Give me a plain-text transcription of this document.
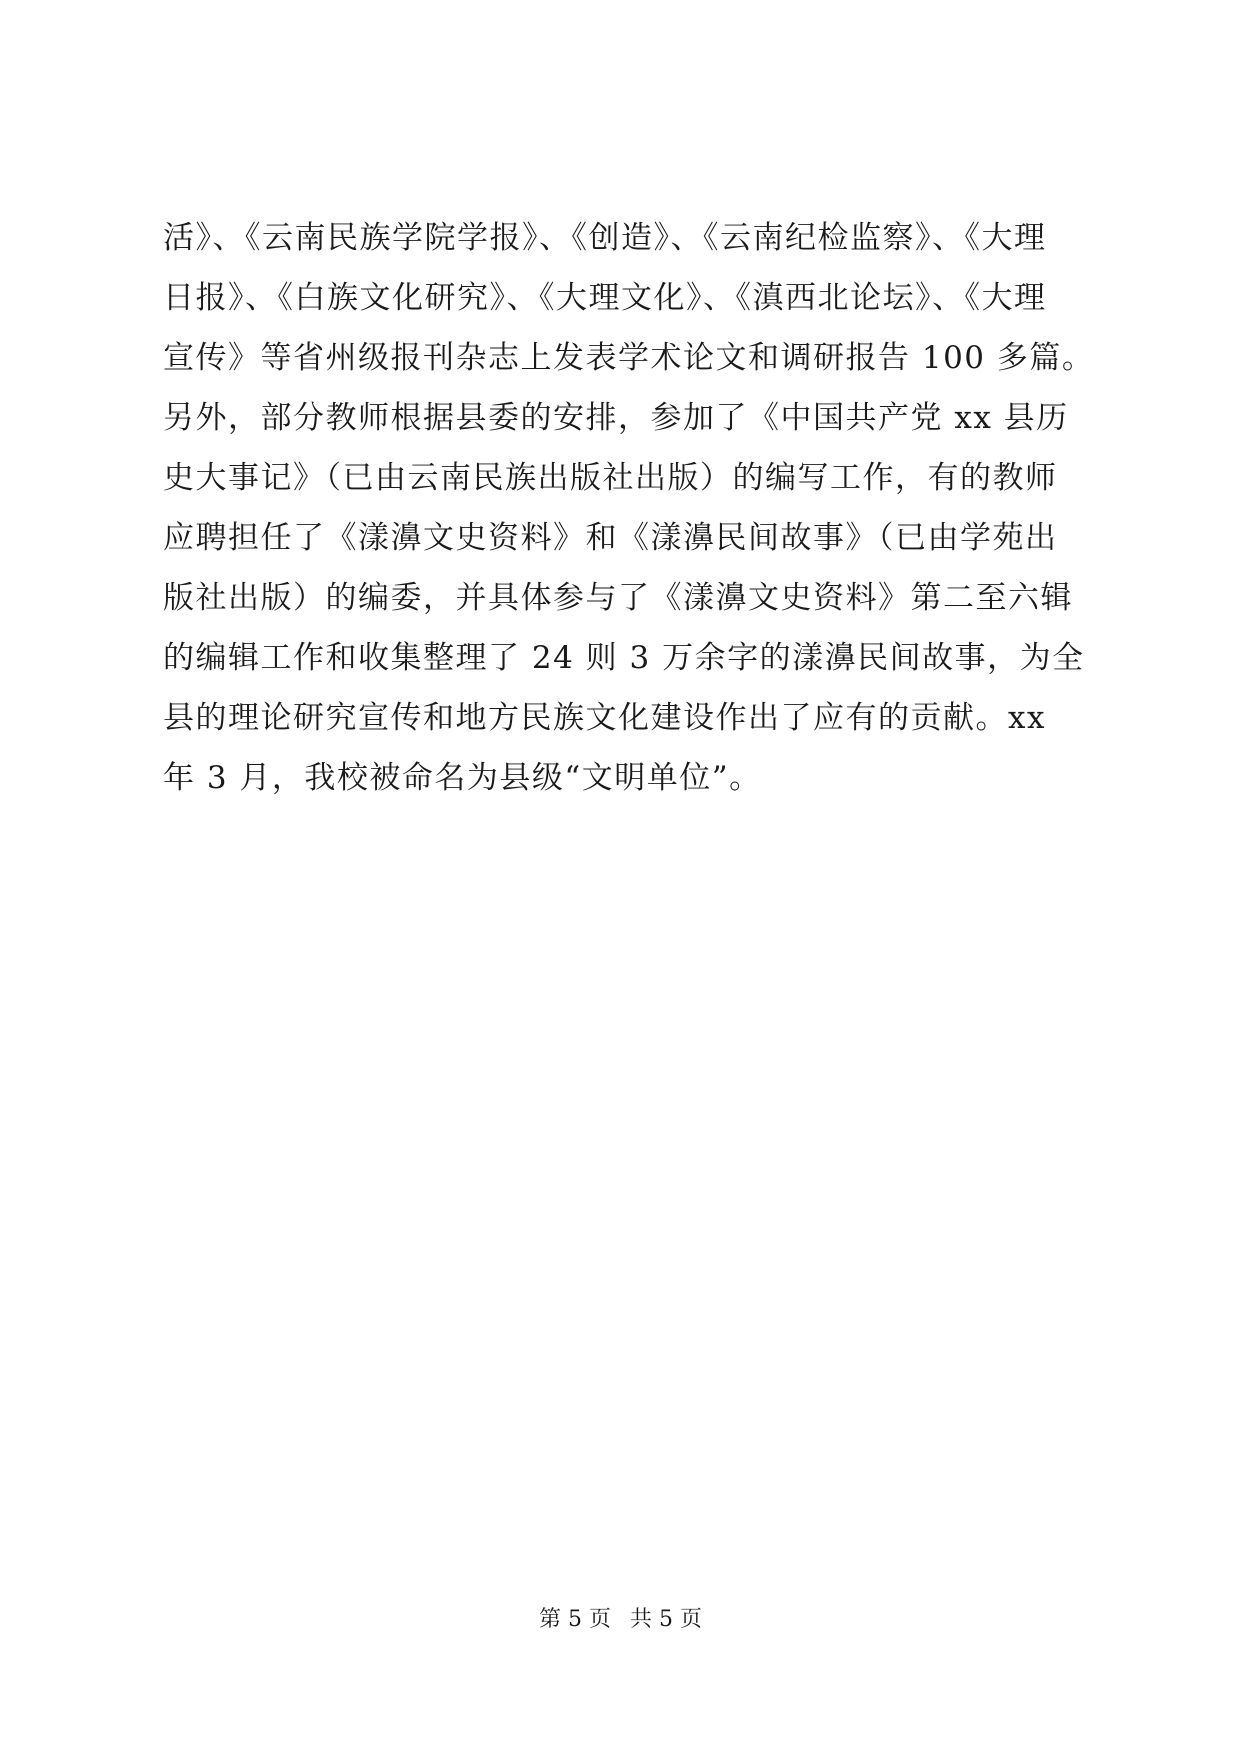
活》、《云南民族学院学报》、《创造》、《云南纪检监察》、《大理
日报》、《白族文化研究》、《大理文化》、《滇西北论坛》、《大理
宣传》等省州级报刊杂志上发表学术论文和调研报告 100 多篇。
另外，部分教师根据县委的安排，参加了《中国共产党 xx 县历
史大事记》（已由云南民族出版社出版）的编写工作，有的教师
应聘担任了《漾濞文史资料》和《漾濞民间故事》（已由学苑出
版社出版）的编委，并具体参与了《漾濞文史资料》第二至六辑
的编辑工作和收集整理了 24 则 3 万余字的漾濞民间故事，为全
县的理论研究宣传和地方民族文化建设作出了应有的贡献。xx
年 3 月，我校被命名为县级“文明单位”。
第 5 页 共 5 页
